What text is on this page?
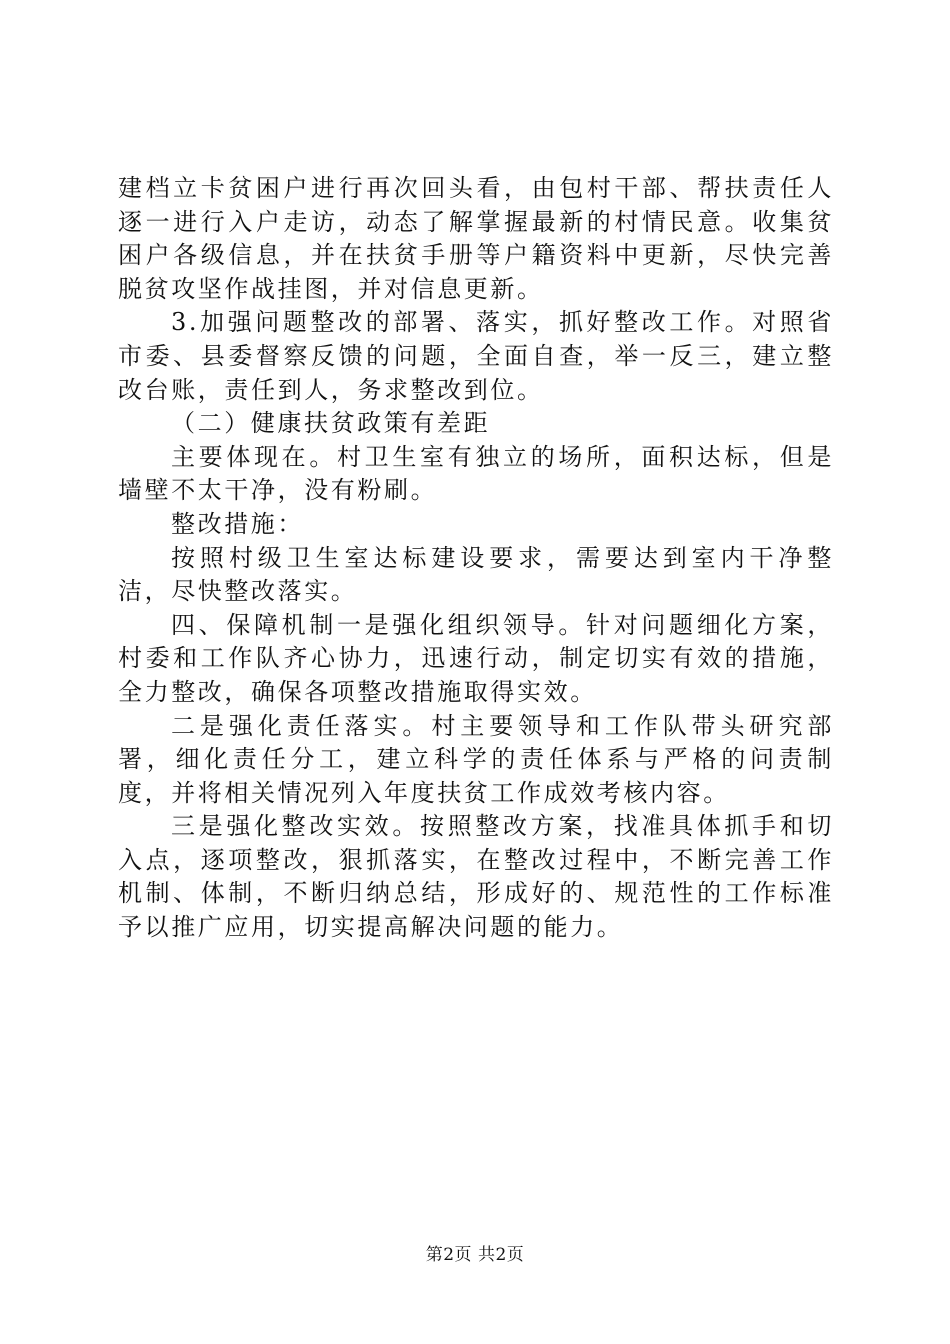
建档立卡贫困户进行再次回头看，由包村干部、帮扶责任人逐一进行入户走访，动态了解掌握最新的村情民意。收集贫困户各级信息，并在扶贫手册等户籍资料中更新，尽快完善脱贫攻坚作战挂图，并对信息更新。

3.加强问题整改的部署、落实，抓好整改工作。对照省市委、县委督察反馈的问题，全面自查，举一反三，建立整改台账，责任到人，务求整改到位。

（二）健康扶贫政策有差距

主要体现在。村卫生室有独立的场所，面积达标，但是墙壁不太干净，没有粉刷。

整改措施：

按照村级卫生室达标建设要求，需要达到室内干净整洁，尽快整改落实。

四、保障机制一是强化组织领导。针对问题细化方案，村委和工作队齐心协力，迅速行动，制定切实有效的措施，全力整改，确保各项整改措施取得实效。

二是强化责任落实。村主要领导和工作队带头研究部署，细化责任分工，建立科学的责任体系与严格的问责制度，并将相关情况列入年度扶贫工作成效考核内容。

三是强化整改实效。按照整改方案，找准具体抓手和切入点，逐项整改，狠抓落实，在整改过程中，不断完善工作机制、体制，不断归纳总结，形成好的、规范性的工作标准予以推广应用，切实提高解决问题的能力。

第2页 共2页
